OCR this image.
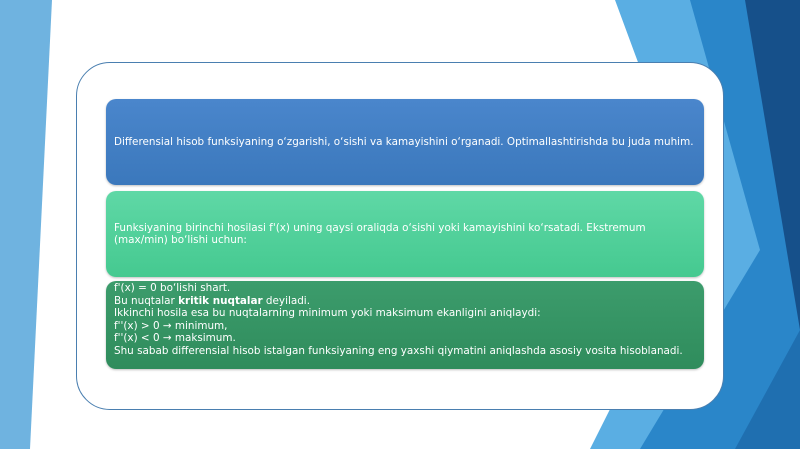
Differensial hisob funksiyaning o‘zgarishi, o‘sishi va kamayishini o‘rganadi. Optimallashtirishda bu juda muhim.
Funksiyaning birinchi hosilasi f'(x) uning qaysi oraliqda o‘sishi yoki kamayishini ko‘rsatadi. Ekstremum (max/min) bo‘lishi uchun:
f'(x) = 0 bo‘lishi shart.
Bu nuqtalar kritik nuqtalar deyiladi.
Ikkinchi hosila esa bu nuqtalarning minimum yoki maksimum ekanligini aniqlaydi:
f''(x) > 0 → minimum,
f''(x) < 0 → maksimum.
Shu sabab differensial hisob istalgan funksiyaning eng yaxshi qiymatini aniqlashda asosiy vosita hisoblanadi.
